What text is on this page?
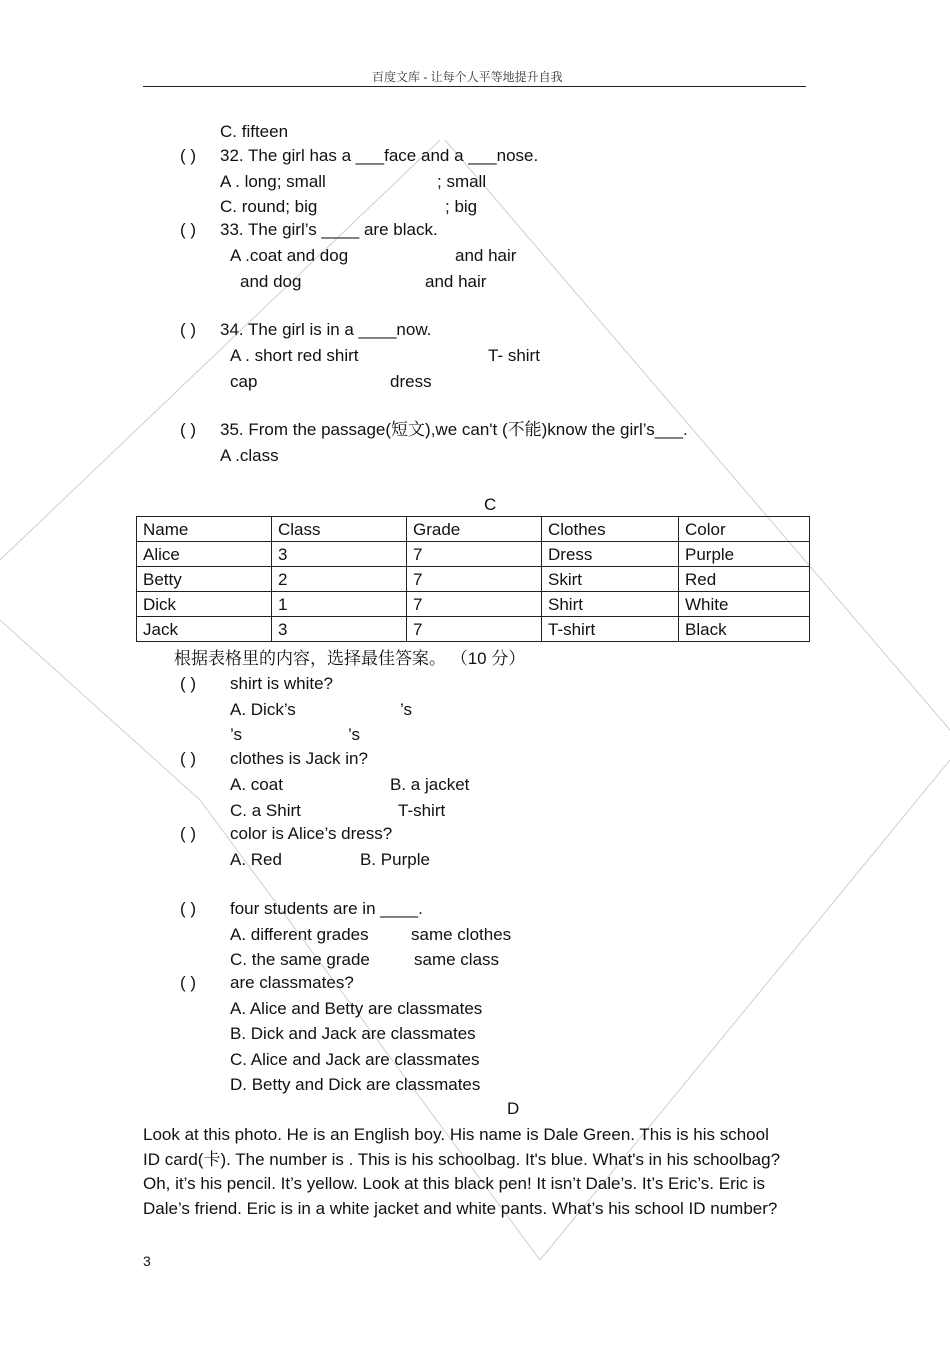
百度文库 - 让每个人平等地提升自我
C. fifteen
( ) 32. The girl has a ___face and a ___nose.
A . long; small	; small
C. round; big	; big
( ) 33. The girl’s ____ are black.
A .coat and dog	and hair
and dog	and hair
( ) 34. The girl is in a ____now.
A . short red shirt	T- shirt
cap	dress
( ) 35. From the passage(短文),we can't (不能)know the girl’s___.
A .class
C
Name	Class	Grade	Clothes	Color
Alice	3	7	Dress	Purple
Betty	2	7	Skirt	Red
Dick	1	7	Shirt	White
Jack	3	7	T-shirt	Black
根据表格里的内容，选择最佳答案。 （10 分）
( ) shirt is white?
A. Dick’s	’s
’s	’s
( ) clothes is Jack in?
A. coat	B. a jacket
C. a Shirt	T-shirt
( ) color is Alice’s dress?
A. Red	B. Purple
( ) four students are in ____.
A. different grades same clothes
C. the same grade	same class
( ) are classmates?
A. Alice and Betty are classmates
B. Dick and Jack are classmates
C. Alice and Jack are classmates
D. Betty and Dick are classmates
D
Look at this photo. He is an English boy. His name is Dale Green. This is his school
ID card(卡). The number is . This is his schoolbag. It's blue. What's in his schoolbag?
Oh, it’s his pencil. It’s yellow. Look at this black pen! It isn’t Dale’s. It’s Eric’s. Eric is
Dale’s friend. Eric is in a white jacket and white pants. What’s his school ID number?
3
